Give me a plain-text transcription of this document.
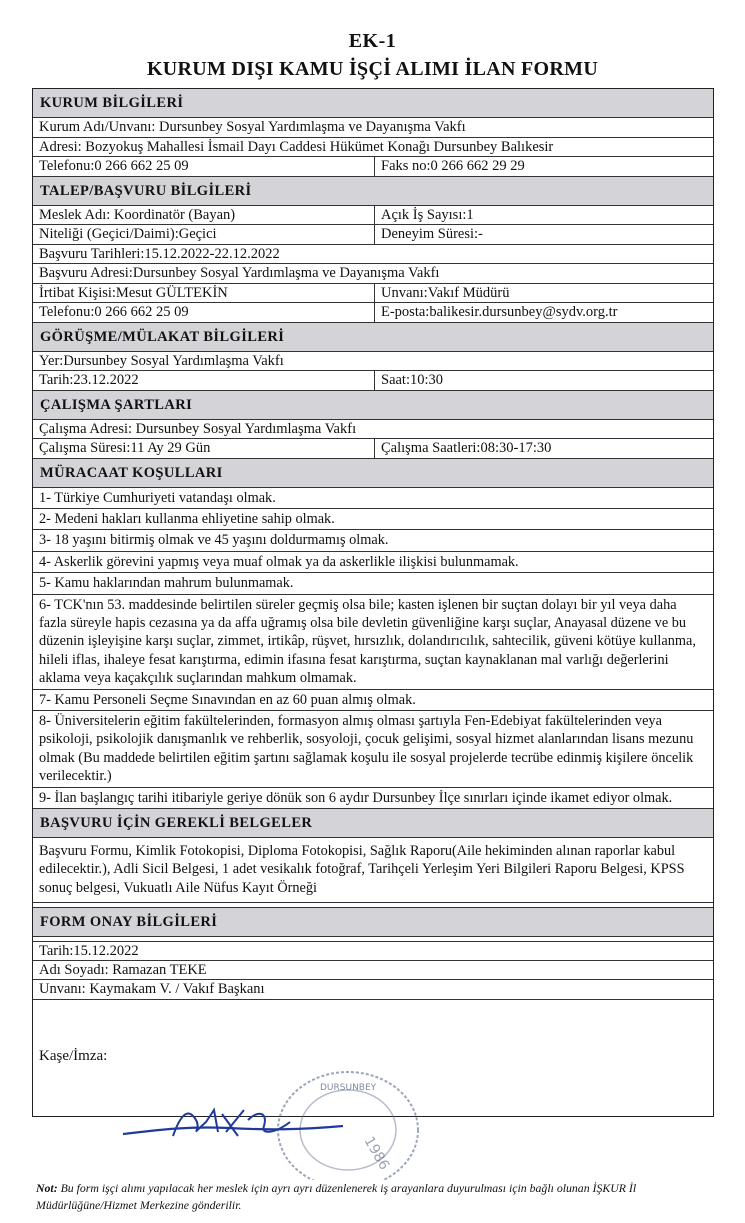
EK-1
KURUM DIŞI KAMU İŞÇİ ALIMI İLAN FORMU
KURUM BİLGİLERİ
Kurum Adı/Unvanı: Dursunbey Sosyal Yardımlaşma ve Dayanışma Vakfı
Adresi: Bozyokuş Mahallesi İsmail Dayı Caddesi Hükümet Konağı Dursunbey Balıkesir
Telefonu:0 266 662 25 09	Faks no:0 266 662 29 29
TALEP/BAŞVURU BİLGİLERİ
Meslek Adı: Koordinatör (Bayan)	Açık İş Sayısı:1
Niteliği (Geçici/Daimi):Geçici	Deneyim Süresi:-
Başvuru Tarihleri:15.12.2022-22.12.2022
Başvuru Adresi:Dursunbey Sosyal Yardımlaşma ve Dayanışma Vakfı
İrtibat Kişisi:Mesut GÜLTEKİN	Unvanı:Vakıf Müdürü
Telefonu:0 266 662 25 09	E-posta:balikesir.dursunbey@sydv.org.tr
GÖRÜŞME/MÜLAKAT BİLGİLERİ
Yer:Dursunbey Sosyal Yardımlaşma Vakfı
Tarih:23.12.2022	Saat:10:30
ÇALIŞMA ŞARTLARI
Çalışma Adresi: Dursunbey Sosyal Yardımlaşma Vakfı
Çalışma Süresi:11 Ay 29 Gün	Çalışma Saatleri:08:30-17:30
MÜRACAAT KOŞULLARI
1- Türkiye Cumhuriyeti vatandaşı olmak.
2- Medeni hakları kullanma ehliyetine sahip olmak.
3- 18 yaşını bitirmiş olmak ve 45 yaşını doldurmamış olmak.
4- Askerlik görevini yapmış veya muaf olmak ya da askerlikle ilişkisi bulunmamak.
5- Kamu haklarından mahrum bulunmamak.
6- TCK'nın 53. maddesinde belirtilen süreler geçmiş olsa bile; kasten işlenen bir suçtan dolayı bir yıl veya daha fazla süreyle hapis cezasına ya da affa uğramış olsa bile devletin güvenliğine karşı suçlar, Anayasal düzene ve bu düzenin işleyişine karşı suçlar, zimmet, irtikâp, rüşvet, hırsızlık, dolandırıcılık, sahtecilik, güveni kötüye kullanma, hileli iflas, ihaleye fesat karıştırma, edimin ifasına fesat karıştırma, suçtan kaynaklanan mal varlığı değerlerini aklama veya kaçakçılık suçlarından mahkum olmamak.
7- Kamu Personeli Seçme Sınavından en az 60 puan almış olmak.
8- Üniversitelerin eğitim fakültelerinden, formasyon almış olması şartıyla Fen-Edebiyat fakültelerinden veya psikoloji, psikolojik danışmanlık ve rehberlik, sosyoloji, çocuk gelişimi, sosyal hizmet alanlarından lisans mezunu olmak (Bu maddede belirtilen eğitim şartını sağlamak koşulu ile sosyal projelerde tecrübe edinmiş kişilere öncelik verilecektir.)
9- İlan başlangıç tarihi itibariyle geriye dönük son 6 aydır Dursunbey İlçe sınırları içinde ikamet ediyor olmak.
BAŞVURU İÇİN GEREKLİ BELGELER
Başvuru Formu, Kimlik Fotokopisi, Diploma Fotokopisi, Sağlık Raporu(Aile hekiminden alınan raporlar kabul edilecektir.), Adli Sicil Belgesi, 1 adet vesikalık fotoğraf, Tarihçeli Yerleşim Yeri Bilgileri Raporu Belgesi, KPSS sonuç belgesi, Vukuatlı Aile Nüfus Kayıt Örneği
FORM ONAY BİLGİLERİ
Tarih:15.12.2022
Adı Soyadı: Ramazan TEKE
Unvanı: Kaymakam V. / Vakıf Başkanı
Kaşe/İmza:
DURSUNBEY
1986
Not: Bu form işçi alımı yapılacak her meslek için ayrı ayrı düzenlenerek iş arayanlara duyurulması için bağlı olunan İŞKUR İl Müdürlüğüne/Hizmet Merkezine gönderilir.
